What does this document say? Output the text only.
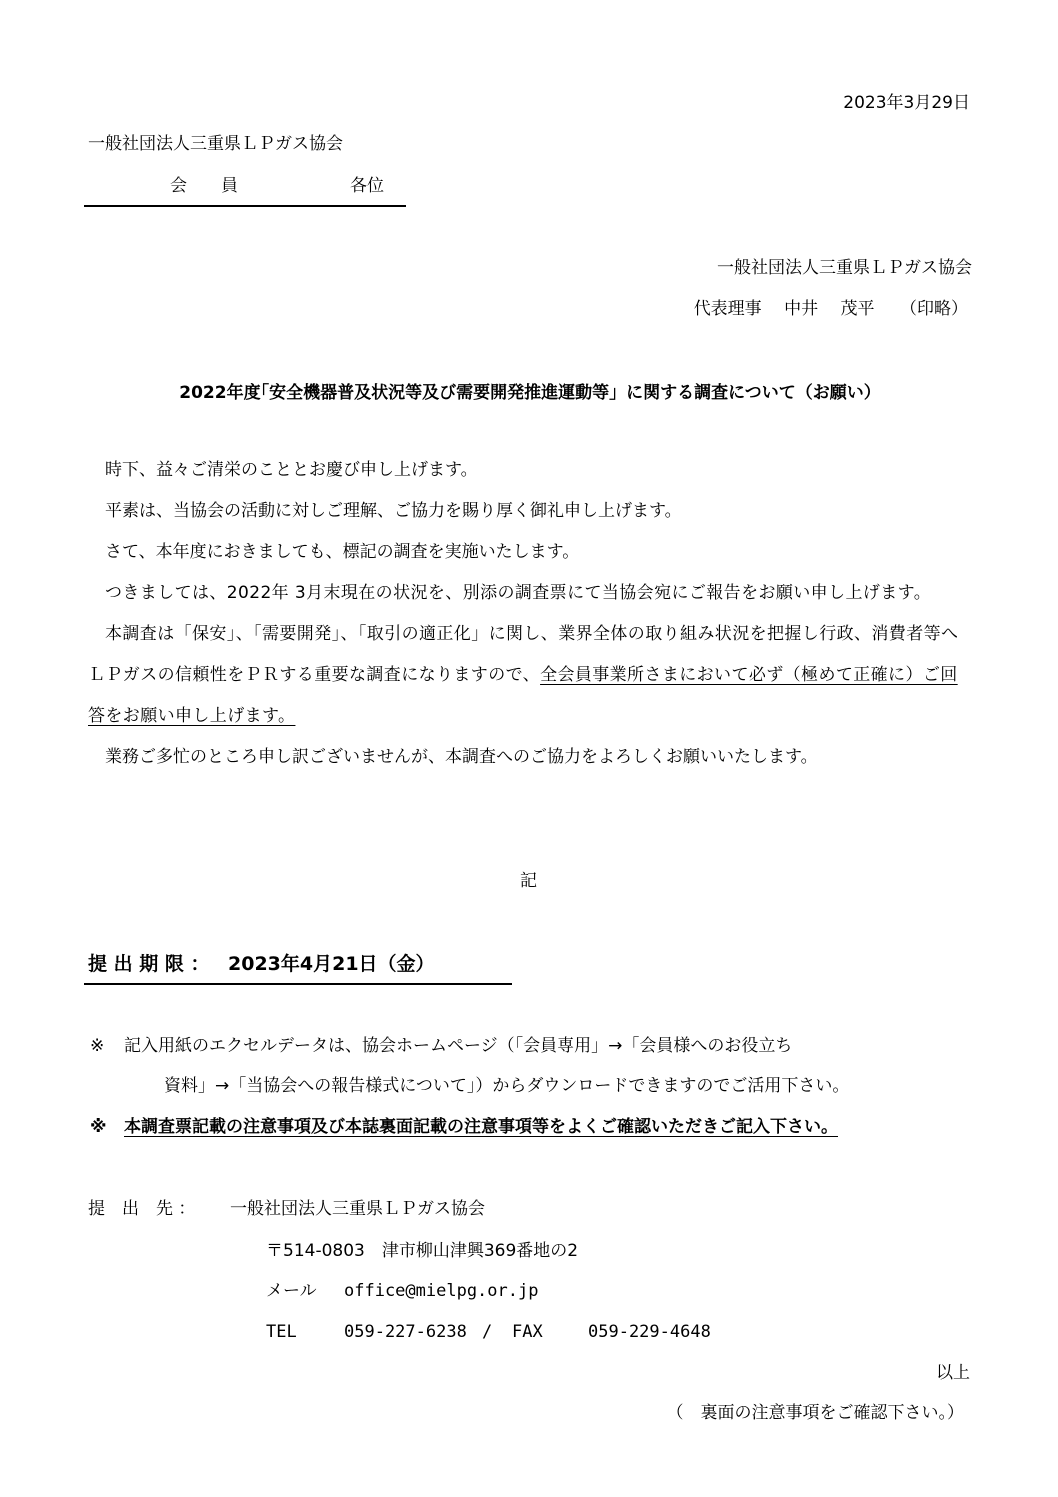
2023年3月29日
一般社団法人三重県ＬＰガス協会
会　　員	各位
一般社団法人三重県ＬＰガス協会
代表理事　 中井　 茂平　　（印略）
2022年度｢安全機器普及状況等及び需要開発推進運動等」に関する調査について（お願い）

時下、益々ご清栄のこととお慶び申し上げます。

平素は、当協会の活動に対しご理解、ご協力を賜り厚く御礼申し上げます。

さて、本年度におきましても、標記の調査を実施いたします。

つきましては、2022年 3月末現在の状況を、別添の調査票にて当協会宛にご報告をお願い申し上げます。

本調査は「保安」、「需要開発」、「取引の適正化」に関し、業界全体の取り組み状況を把握し行政、消費者等へＬＰガスの信頼性をＰＲする重要な調査になりますので、全会員事業所さまにおいて必ず（極めて正確に）ご回答をお願い申し上げます。

業務ご多忙のところ申し訳ございませんが、本調査へのご協力をよろしくお願いいたします。

記
提 出 期 限 ： 2023年4月21日（金）
※ 記入用紙のエクセルデータは、協会ホームページ（「会員専用」→「会員様へのお役立ち
資料」→「当協会への報告様式について」）からダウンロードできますのでご活用下さい。
※ 本調査票記載の注意事項及び本誌裏面記載の注意事項等をよくご確認いただきご記入下さい。
提　出　先 ： 一般社団法人三重県ＬＰガス協会
〒514-0803　津市柳山津興369番地の2
メール office@mielpg.or.jp
TEL	059-227-6238 / FAX	059-229-4648
以上
（　裏面の注意事項をご確認下さい。）
